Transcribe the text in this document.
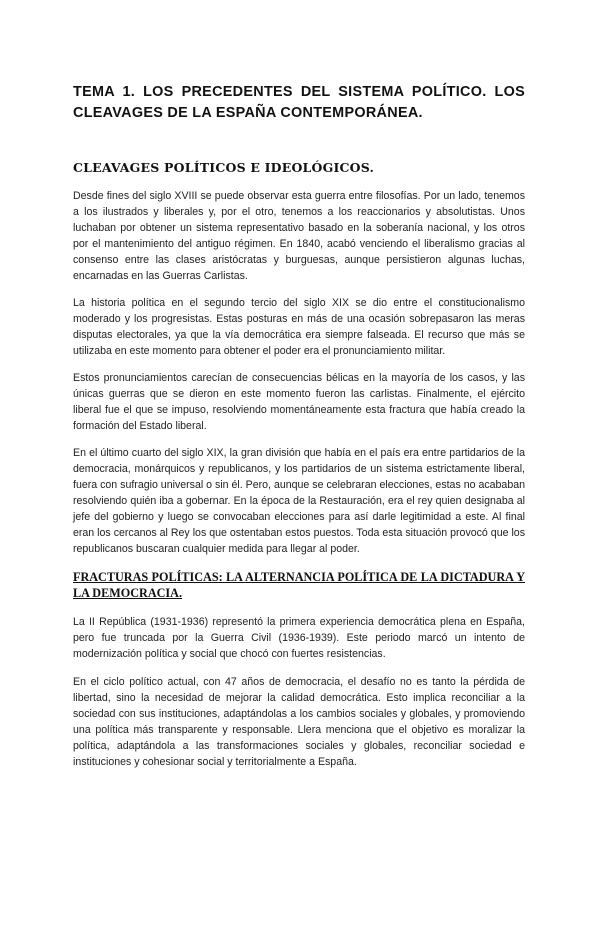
TEMA 1. LOS PRECEDENTES DEL SISTEMA POLÍTICO. LOS CLEAVAGES DE LA ESPAÑA CONTEMPORÁNEA.
CLEAVAGES POLÍTICOS E IDEOLÓGICOS.

Desde fines del siglo XVIII se puede observar esta guerra entre filosofías. Por un lado, tenemos a los ilustrados y liberales y, por el otro, tenemos a los reaccionarios y absolutistas. Unos luchaban por obtener un sistema representativo basado en la soberanía nacional, y los otros por el mantenimiento del antiguo régimen. En 1840, acabó venciendo el liberalismo gracias al consenso entre las clases aristócratas y burguesas, aunque persistieron algunas luchas, encarnadas en las Guerras Carlistas.

La historia política en el segundo tercio del siglo XIX se dio entre el constitucionalismo moderado y los progresistas. Estas posturas en más de una ocasión sobrepasaron las meras disputas electorales, ya que la vía democrática era siempre falseada. El recurso que más se utilizaba en este momento para obtener el poder era el pronunciamiento militar.

Estos pronunciamientos carecían de consecuencias bélicas en la mayoría de los casos, y las únicas guerras que se dieron en este momento fueron las carlistas. Finalmente, el ejército liberal fue el que se impuso, resolviendo momentáneamente esta fractura que había creado la formación del Estado liberal.

En el último cuarto del siglo XIX, la gran división que había en el país era entre partidarios de la democracia, monárquicos y republicanos, y los partidarios de un sistema estrictamente liberal, fuera con sufragio universal o sin él. Pero, aunque se celebraran elecciones, estas no acababan resolviendo quién iba a gobernar. En la época de la Restauración, era el rey quien designaba al jefe del gobierno y luego se convocaban elecciones para así darle legitimidad a este. Al final eran los cercanos al Rey los que ostentaban estos puestos. Toda esta situación provocó que los republicanos buscaran cualquier medida para llegar al poder.

FRACTURAS POLÍTICAS: LA ALTERNANCIA POLÍTICA DE LA DICTADURA Y LA DEMOCRACIA.

La II República (1931-1936) representó la primera experiencia democrática plena en España, pero fue truncada por la Guerra Civil (1936-1939). Este periodo marcó un intento de modernización política y social que chocó con fuertes resistencias.

En el ciclo político actual, con 47 años de democracia, el desafío no es tanto la pérdida de libertad, sino la necesidad de mejorar la calidad democrática. Esto implica reconciliar a la sociedad con sus instituciones, adaptándolas a los cambios sociales y globales, y promoviendo una política más transparente y responsable. Llera menciona que el objetivo es moralizar la política, adaptándola a las transformaciones sociales y globales, reconciliar sociedad e instituciones y cohesionar social y territorialmente a España.
